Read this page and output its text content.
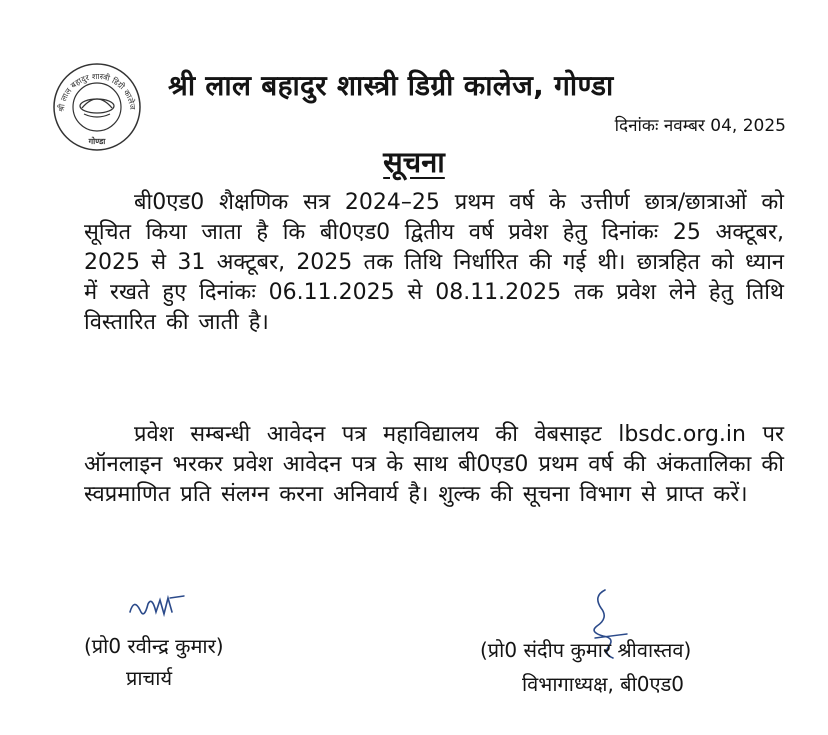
श्री लाल बहादुर शास्त्री डिग्री कालेज
गोण्डा
श्री लाल बहादुर शास्त्री डिग्री कालेज, गोण्डा
दिनांकः नवम्बर 04, 2025
सूचना
बी0एड0 शैक्षणिक सत्र 2024–25 प्रथम वर्ष के उत्तीर्ण छात्र/छात्राओं को सूचित किया जाता है कि बी0एड0 द्वितीय वर्ष प्रवेश हेतु दिनांकः 25 अक्टूबर, 2025 से 31 अक्टूबर, 2025 तक तिथि निर्धारित की गई थी। छात्रहित को ध्यान में रखते हुए दिनांकः 06.11.2025 से 08.11.2025 तक प्रवेश लेने हेतु तिथि विस्तारित की जाती है।
प्रवेश सम्बन्धी आवेदन पत्र महाविद्यालय की वेबसाइट lbsdc.org.in पर ऑनलाइन भरकर प्रवेश आवेदन पत्र के साथ बी0एड0 प्रथम वर्ष की अंकतालिका की स्वप्रमाणित प्रति संलग्न करना अनिवार्य है। शुल्क की सूचना विभाग से प्राप्त करें।
(प्रो0 रवीन्द्र कुमार)
प्राचार्य
(प्रो0 संदीप कुमार श्रीवास्तव)
विभागाध्यक्ष, बी0एड0
